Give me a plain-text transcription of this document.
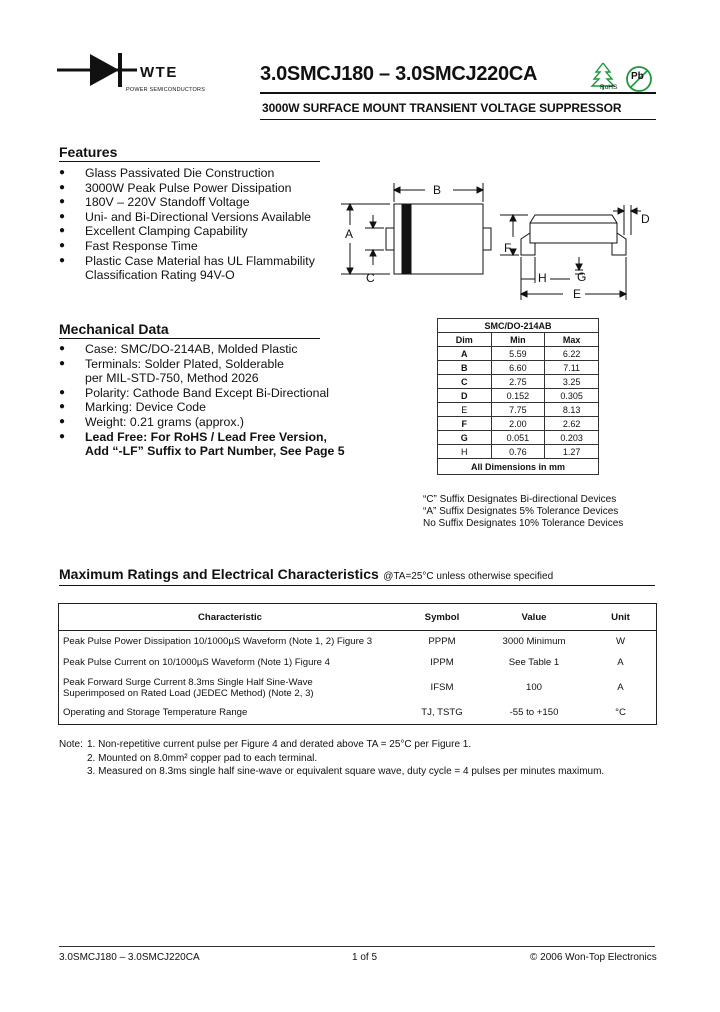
WTE
POWER SEMICONDUCTORS
3.0SMCJ180 – 3.0SMCJ220CA
RoHS
Pb
3000W SURFACE MOUNT TRANSIENT VOLTAGE SUPPRESSOR
Features
● Glass Passivated Die Construction
● 3000W Peak Pulse Power Dissipation
● 180V – 220V Standoff Voltage
● Uni- and Bi-Directional Versions Available
● Excellent Clamping Capability
● Fast Response Time
● Plastic Case Material has UL Flammability
Classification Rating 94V-O
B
A
C
D
F
H	G
E
Mechanical Data
● Case: SMC/DO-214AB, Molded Plastic
● Terminals: Solder Plated, Solderable
per MIL-STD-750, Method 2026
● Polarity: Cathode Band Except Bi-Directional
● Marking: Device Code
● Weight: 0.21 grams (approx.)
● Lead Free: For RoHS / Lead Free Version,
Add “-LF” Suffix to Part Number, See Page 5
SMC/DO-214AB		
Dim	Min	Max
A	5.59	6.22
B	6.60	7.11
C	2.75	3.25
D	0.152	0.305
E	7.75	8.13
F	2.00	2.62
G	0.051	0.203
H	0.76	1.27
All Dimensions in mm		
“C” Suffix Designates Bi-directional Devices
“A” Suffix Designates 5% Tolerance Devices
No Suffix Designates 10% Tolerance Devices
Maximum Ratings and Electrical Characteristics @TA=25°C unless otherwise specified
Characteristic	Symbol	Value	Unit
Peak Pulse Power Dissipation 10/1000µS Waveform (Note 1, 2) Figure 3	PPPM	3000 Minimum	W
Peak Pulse Current on 10/1000µS Waveform (Note 1) Figure 4	IPPM	See Table 1	A

Peak Forward Surge Current 8.3ms Single Half Sine-Wave
Superimposed on Rated Load (JEDEC Method) (Note 2, 3)	IFSM	100	A
Operating and Storage Temperature Range	TJ, TSTG	-55 to +150	°C
Note: 1. Non-repetitive current pulse per Figure 4 and derated above TA = 25°C per Figure 1.
2. Mounted on 8.0mm² copper pad to each terminal.
3. Measured on 8.3ms single half sine-wave or equivalent square wave, duty cycle = 4 pulses per minutes maximum.
3.0SMCJ180 – 3.0SMCJ220CA	1 of 5	© 2006 Won-Top Electronics
